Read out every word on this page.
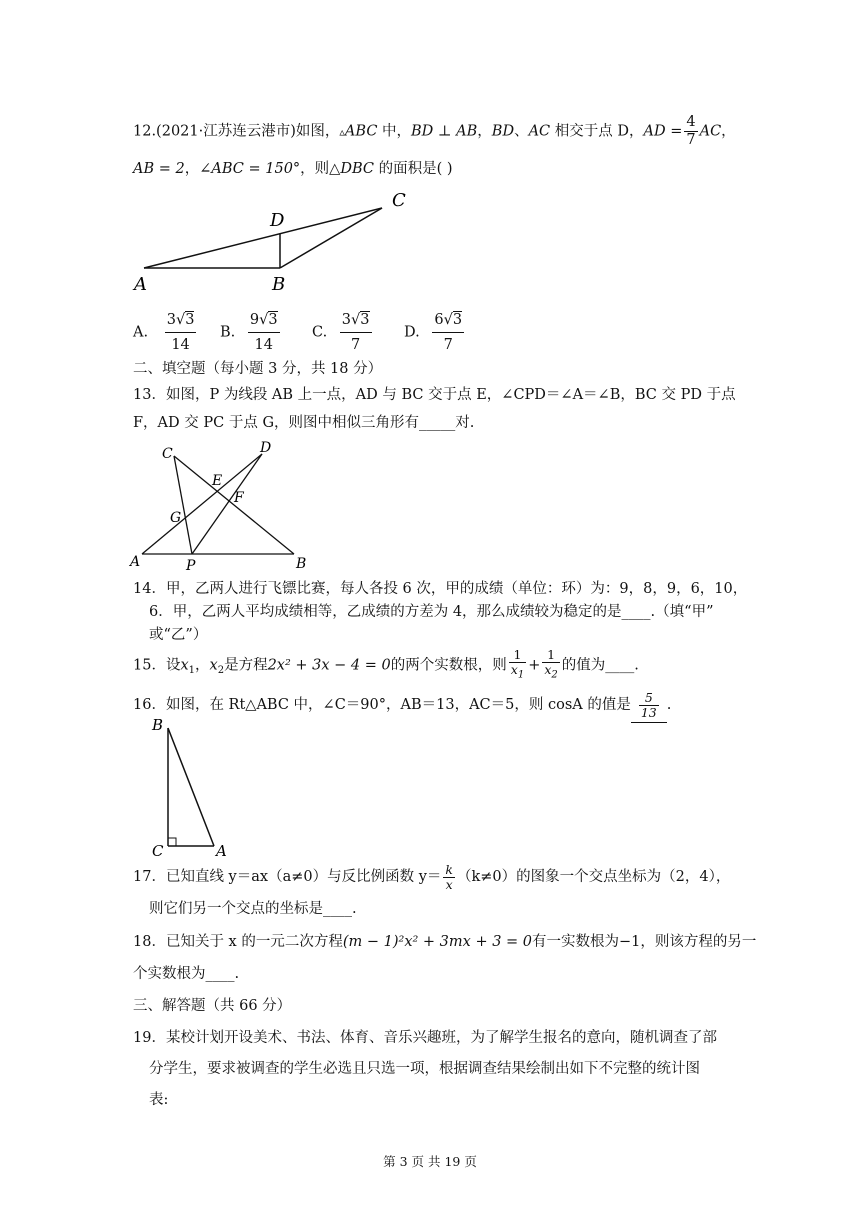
12.(2021·江苏连云港市)如图，▵ABC 中，BD ⊥ AB，BD、AC 相交于点 D，AD = $\frac{4}{7}$ AC，
AB = 2，∠ABC = 150°，则△DBC 的面积是( )
A	B
C
D
A. $\frac{3√3}{14} B$. $\frac{9√3}{14} C$. $\frac{3√3}{7} D$. $\frac{6√3}{7}$
二、填空题（每小题 3 分，共 18 分）
13．如图，P 为线段 AB 上一点，AD 与 BC 交于点 E，∠CPD＝∠A＝∠B，BC 交 PD 于点
F，AD 交 PC 于点 G，则图中相似三角形有_____对.
C	D
E
F
G
A	P	B
14．甲，乙两人进行飞镖比赛，每人各投 6 次，甲的成绩（单位：环）为：9，8，9，6，10，
6．甲，乙两人平均成绩相等，乙成绩的方差为 4，那么成绩较为稳定的是____.（填“甲”
或“乙”）
15．设$x_1$，$x_2$是方程2x² + 3x − 4 = 0的两个实数根，则 $\frac{1}{x_1} + \frac{1}{x_2}$ 的值为____.
16．如图，在 Rt△ABC 中，∠C＝90°，AB＝13，AC＝5，则 cosA 的值是 $\frac{5}{13}$ .
B
C	A
17．已知直线 y＝ax（a≠0）与反比例函数 $y= \frac{k}{x} (k\ne 0)$的图象一个交点坐标为（2，4），
则它们另一个交点的坐标是____.
18．已知关于 x 的一元二次方程(m − 1)²x² + 3mx + 3 = 0有一实数根为−1，则该方程的另一
个实数根为____.
三、解答题（共 66 分）
19．某校计划开设美术、书法、体育、音乐兴趣班，为了解学生报名的意向，随机调查了部
分学生，要求被调查的学生必选且只选一项，根据调查结果绘制出如下不完整的统计图
表:
第 3 页 共 19 页
